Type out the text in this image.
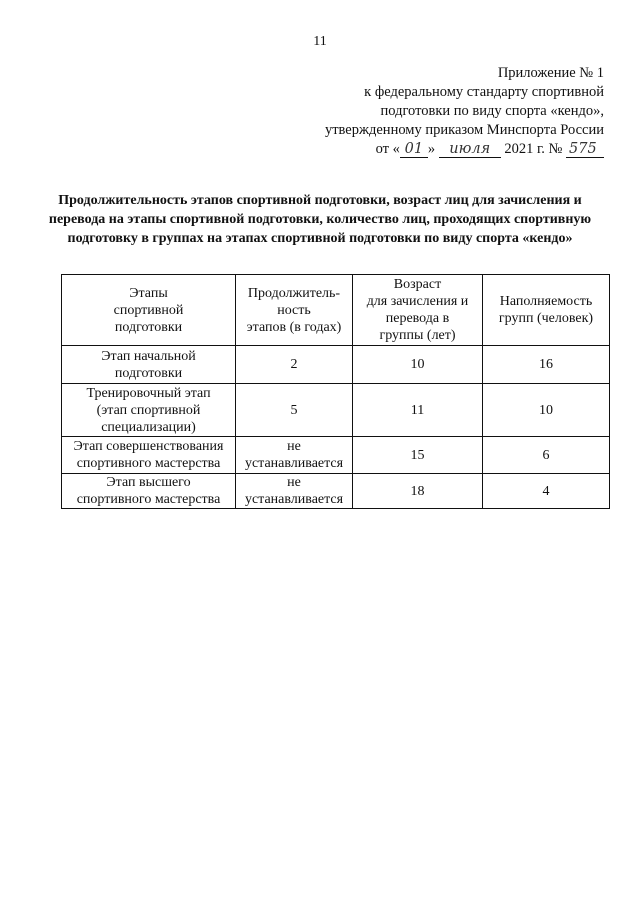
11
Приложение № 1
к федеральному стандарту спортивной
подготовки по виду спорта «кендо»,
утвержденному приказом Минспорта России
от « 01 » июля 2021 г. № 575
Продолжительность этапов спортивной подготовки, возраст лиц для зачисления и перевода на этапы спортивной подготовки, количество лиц, проходящих спортивную подготовку в группах на этапах спортивной подготовки по виду спорта «кендо»
Этапы
спортивной
подготовки	Продолжитель-
ность
этапов (в годах)	Возраст
для зачисления и
перевода в
группы (лет)	Наполняемость
групп (человек)
Этап начальной
подготовки	2	10	16
Тренировочный этап
(этап спортивной
специализации)	5	11	10
Этап совершенствования
спортивного мастерства	не
устанавливается	15	6
Этап высшего
спортивного мастерства	не
устанавливается	18	4
